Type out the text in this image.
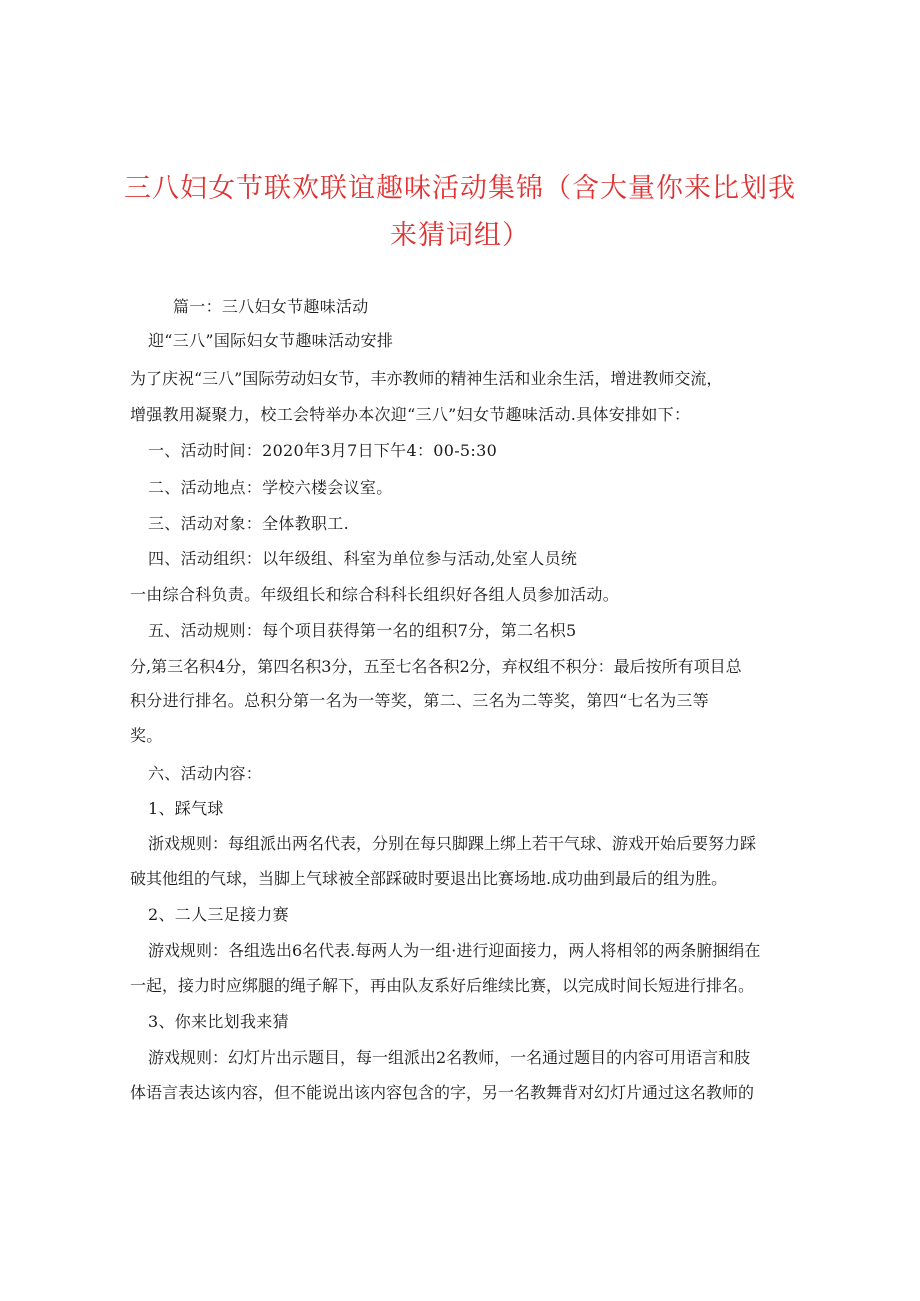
三八妇女节联欢联谊趣味活动集锦（含大量你来比划我来猜词组）
篇一：三八妇女节趣味活动
迎“三八”国际妇女节趣味活动安排
为了庆祝“三八”国际劳动妇女节，丰亦教师的精神生活和业余生活，增进教师交流，
增强教用凝聚力，校工会特举办本次迎“三八”妇女节趣味活动.具体安排如下：
一、活动时间：2020年3月7日下午4：00-5:30
二、活动地点：学校六楼会议室。
三、活动对象：全体教职工.
四、活动组织：以年级组、科室为单位参与活动,处室人员统
一由综合科负责。年级组长和综合科科长组织好各组人员参加活动。
五、活动规则：每个项目获得第一名的组积7分，第二名枳5
分,第三名积4分，第四名积3分，五至七名各积2分，弃权组不积分：最后按所有项目总
积分进行排名。总积分第一名为一等奖，第二、三名为二等奖，第四“七名为三等
奖。
六、活动内容：
1、踩气球
浙戏规则：每组派出两名代表，分别在每只脚踝上绑上若干气球、游戏开始后要努力踩
破其他组的气球，当脚上气球被全部踩破时要退出比赛场地.成功曲到最后的组为胜。
2、二人三足接力赛
游戏规则：各组选出6名代表.每两人为一组·进行迎面接力，两人将相邻的两条腑捆绢在
一起，接力时应绑腿的绳子解下，再由队友系好后维续比赛，以完成时间长短进行排名。
3、你来比划我来猜
游戏规则：幻灯片出示题目，每一组派出2名教师，一名通过题目的内容可用语言和肢
体语言表达该内容，但不能说出该内容包含的字，另一名教舞背对幻灯片通过这名教师的
